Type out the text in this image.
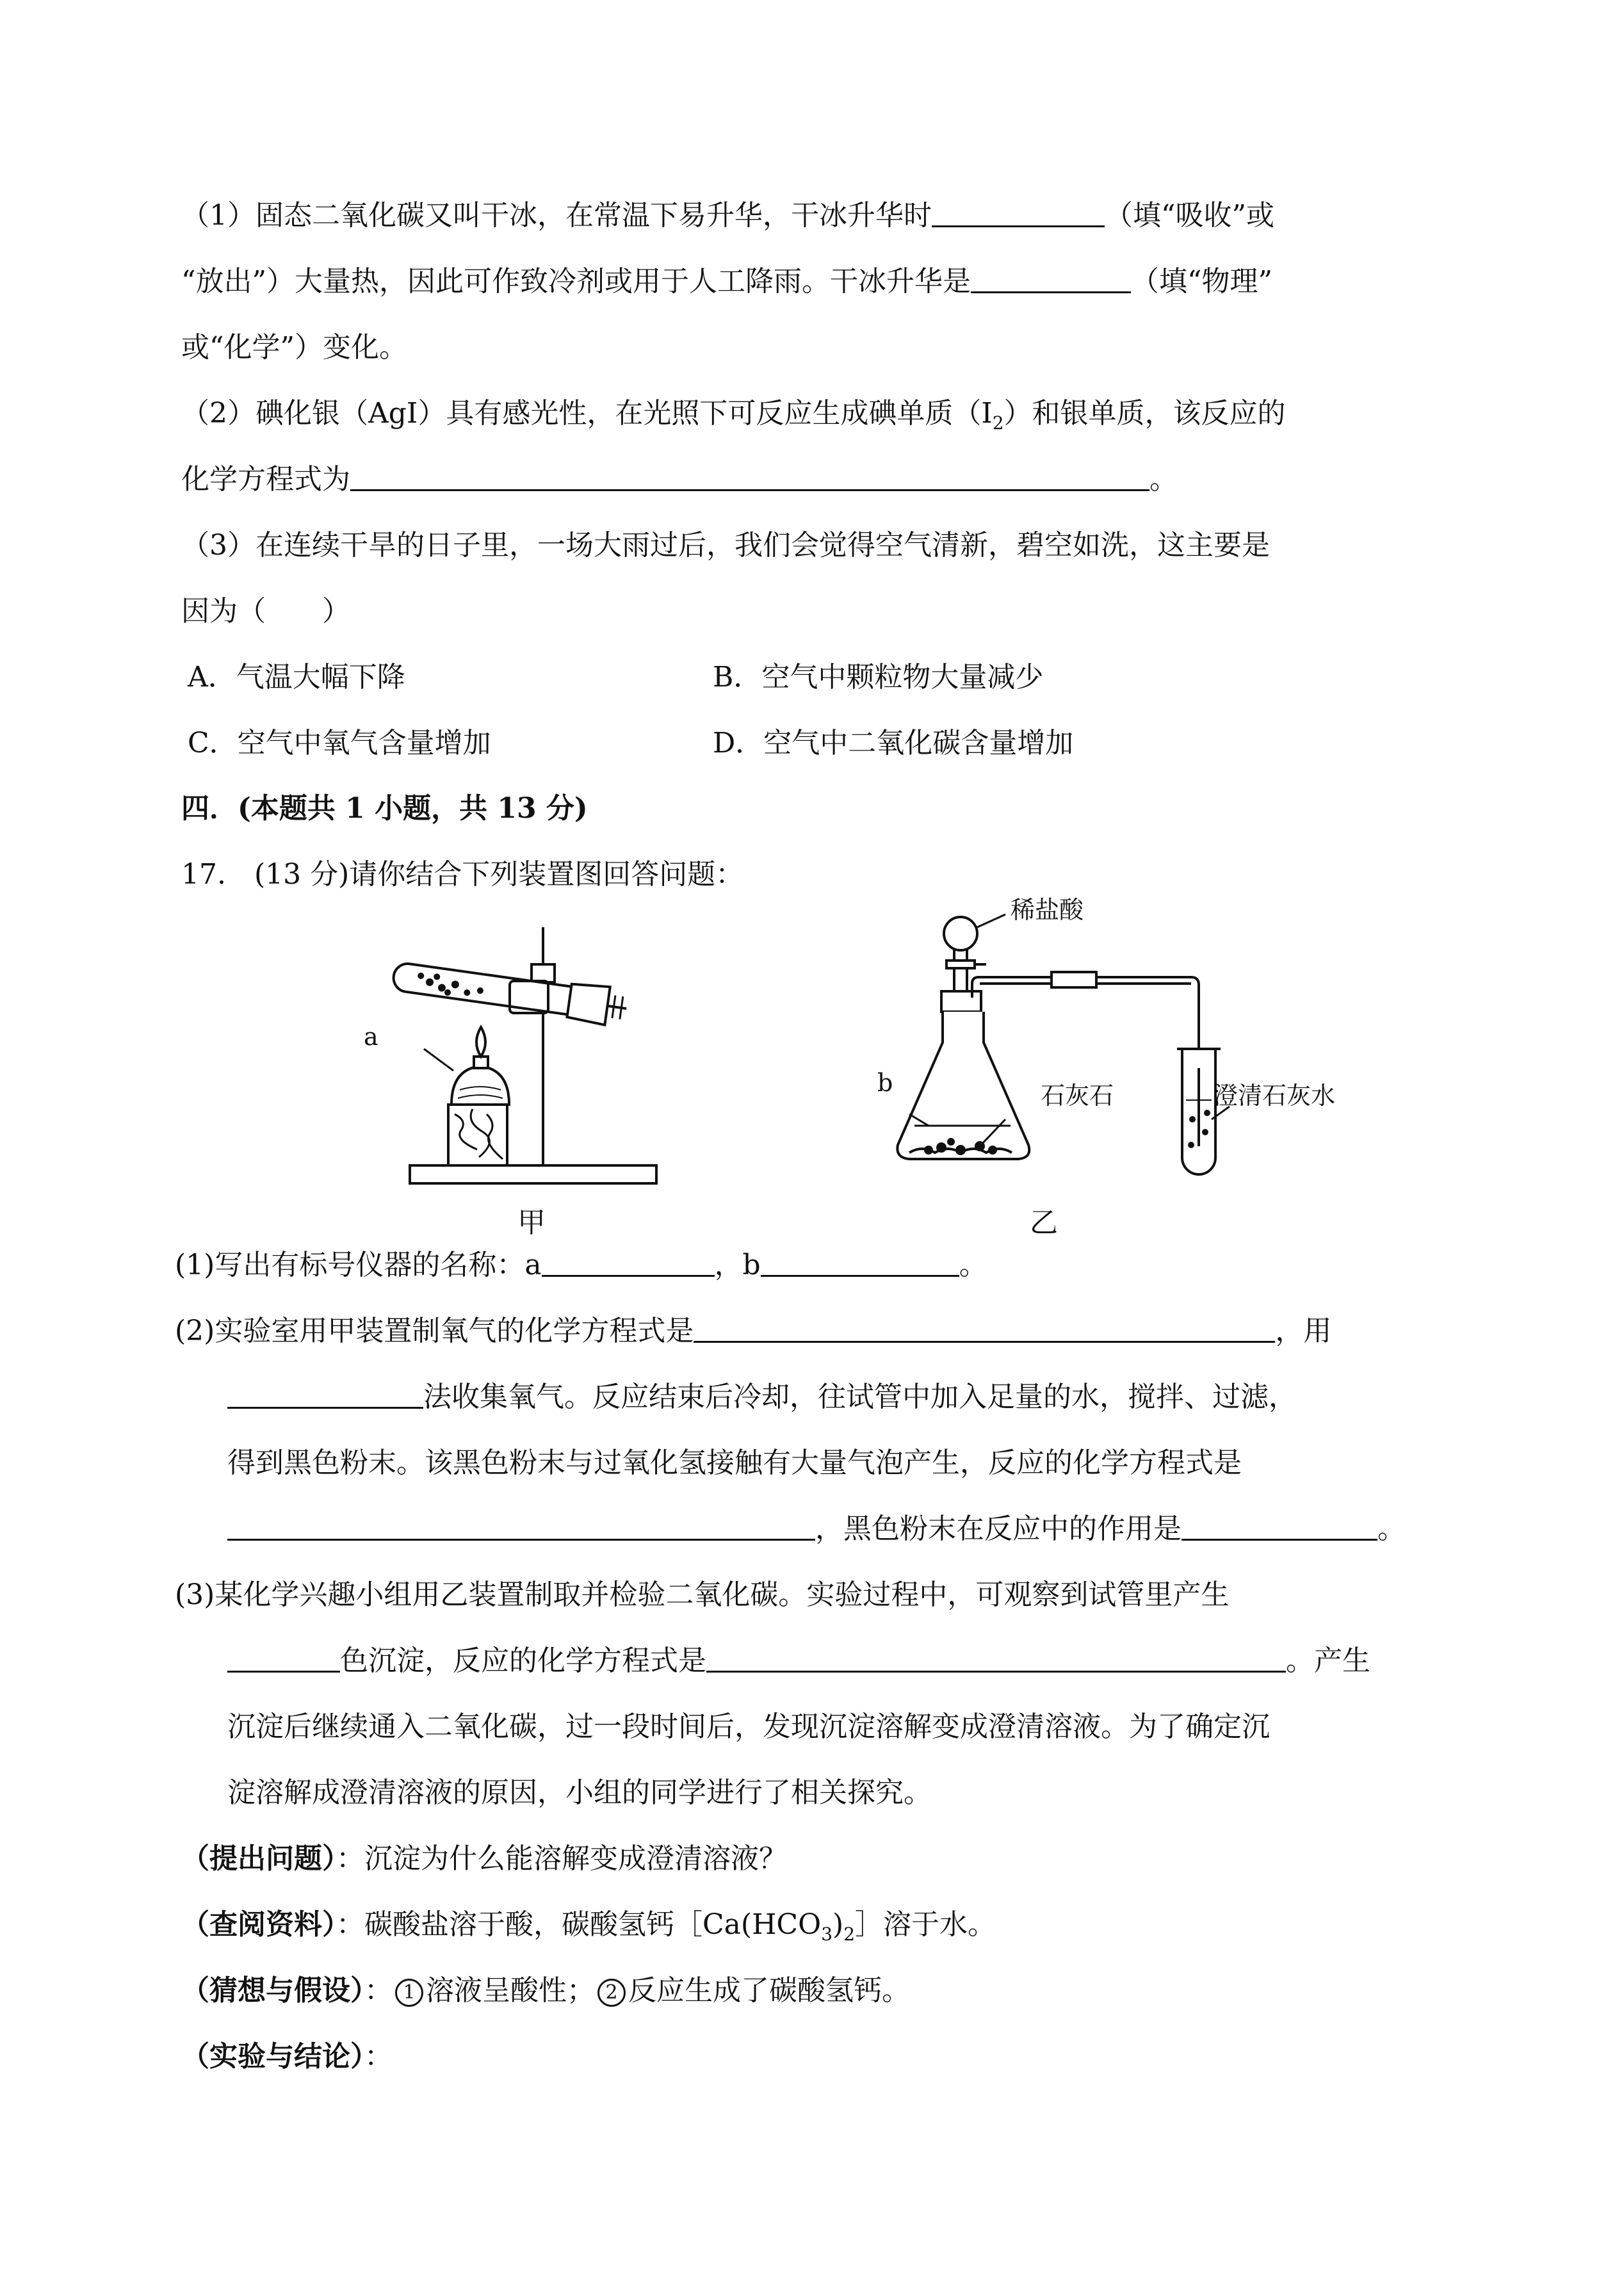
（1）固态二氧化碳又叫干冰，在常温下易升华，干冰升华时	（填“吸收”或
“放出”）大量热，因此可作致冷剂或用于人工降雨。干冰升华是	（填“物理”
或“化学”）变化。
（2）碘化银（AgI）具有感光性，在光照下可反应生成碘单质$(I_2)$和银单质，该反应的
化学方程式为	。
（3）在连续干旱的日子里，一场大雨过后，我们会觉得空气清新，碧空如洗，这主要是
因为（　　）
A．气温大幅下降	B．空气中颗粒物大量减少
C．空气中氧气含量增加	D．空气中二氧化碳含量增加
四．(本题共 1 小题，共 13 分)
17.　(13 分)请你结合下列装置图回答问题：
a
甲
稀盐酸
b	石灰石	澄清石灰水
乙
(1)写出有标号仪器的名称：a	，b	。
(2)实验室用甲装置制氧气的化学方程式是	，用
法收集氧气。反应结束后冷却，往试管中加入足量的水，搅拌、过滤，
得到黑色粉末。该黑色粉末与过氧化氢接触有大量气泡产生，反应的化学方程式是
，黑色粉末在反应中的作用是	。
(3)某化学兴趣小组用乙装置制取并检验二氧化碳。实验过程中，可观察到试管里产生
色沉淀，反应的化学方程式是	。产生
沉淀后继续通入二氧化碳，过一段时间后，发现沉淀溶解变成澄清溶液。为了确定沉
淀溶解成澄清溶液的原因，小组的同学进行了相关探究。
（提出问题）：沉淀为什么能溶解变成澄清溶液？
（查阅资料）：碳酸盐溶于酸，碳酸氢钙$[Ca(HCO_3)_2]$溶于水。
（猜想与假设）： 1 溶液呈酸性； 2 反应生成了碳酸氢钙。
（实验与结论）：
